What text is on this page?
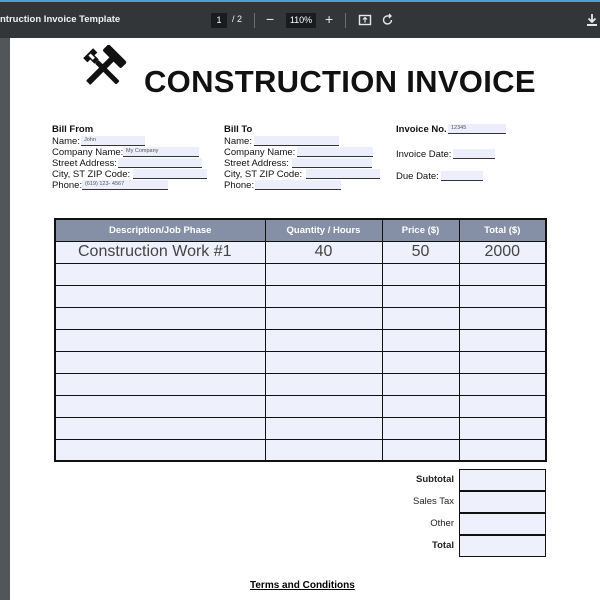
ntruction Invoice Template	1	/ 2 −	110% +
CONSTRUCTION INVOICE
Bill From
Name: John
Company Name: My Company
Street Address:
City, ST ZIP Code:
Phone: (619) 123- 4567
Bill To
Name:
Company Name:
Street Address:
City, ST ZIP Code:
Phone:
Invoice No. 12345
Invoice Date:
Due Date:
Description/Job Phase	Quantity / Hours	Price ($)	Total ($)
Construction Work #1	40	50	2000

Subtotal
Sales Tax
Other
Total
Terms and Conditions
